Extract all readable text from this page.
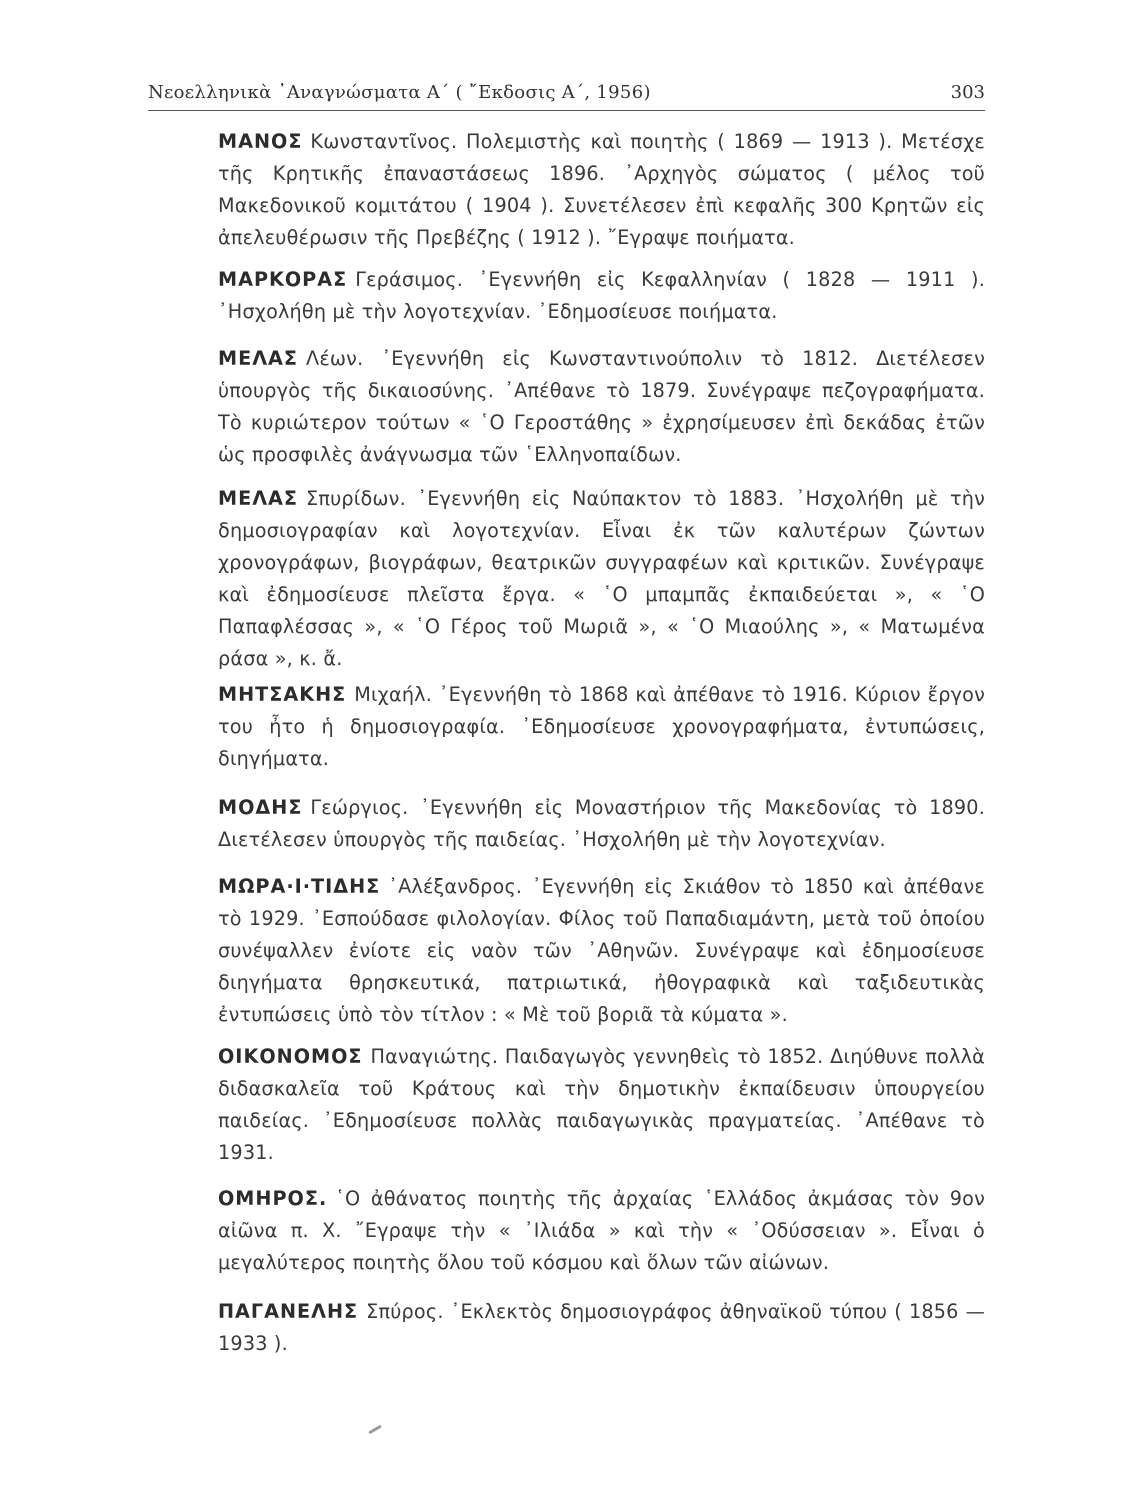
Νεοελληνικὰ ᾿Αναγνώσματα Α΄ ( ῎Εκδοσις Α΄, 1956)	303
ΜΑΝΟΣ Κωνσταντῖνος. Πολεμιστὴς καὶ ποιητὴς ( 1869 — 1913 ). Μετέσχε τῆς Κρητικῆς ἐπαναστάσεως 1896. ᾿Αρχηγὸς σώματος ( μέλος τοῦ Μακεδονικοῦ κομιτάτου ( 1904 ). Συνετέλεσεν ἐπὶ κεφαλῆς 300 Κρητῶν εἰς ἀπελευθέρωσιν τῆς Πρεβέζης ( 1912 ). ῎Εγραψε ποιήματα.
ΜΑΡΚΟΡΑΣ Γεράσιμος. ᾿Εγεννήθη εἰς Κεφαλληνίαν ( 1828 — 1911 ). ᾿Ησχολήθη μὲ τὴν λογοτεχνίαν. ᾿Εδημοσίευσε ποιήματα.
ΜΕΛΑΣ Λέων. ᾿Εγεννήθη εἰς Κωνσταντινούπολιν τὸ 1812. Διετέλεσεν ὑπουργὸς τῆς δικαιοσύνης. ᾿Απέθανε τὸ 1879. Συνέγραψε πεζογραφήματα. Τὸ κυριώτερον τούτων « ῾Ο Γεροστάθης » ἐχρησίμευσεν ἐπὶ δεκάδας ἐτῶν ὡς προσφιλὲς ἀνάγνωσμα τῶν ῾Ελληνοπαίδων.
ΜΕΛΑΣ Σπυρίδων. ᾿Εγεννήθη εἰς Ναύπακτον τὸ 1883. ᾿Ησχολήθη μὲ τὴν δημοσιογραφίαν καὶ λογοτεχνίαν. Εἶναι ἐκ τῶν καλυτέρων ζώντων χρονογράφων, βιογράφων, θεατρικῶν συγγραφέων καὶ κριτικῶν. Συνέγραψε καὶ ἐδημοσίευσε πλεῖστα ἔργα. « ῾Ο μπαμπᾶς ἐκπαιδεύεται », « ῾Ο Παπαφλέσσας », « ῾Ο Γέρος τοῦ Μωριᾶ », « ῾Ο Μιαούλης », « Ματωμένα ράσα », κ. ἄ.
ΜΗΤΣΑΚΗΣ Μιχαήλ. ᾿Εγεννήθη τὸ 1868 καὶ ἀπέθανε τὸ 1916. Κύριον ἔργον του ἦτο ἡ δημοσιογραφία. ᾿Εδημοσίευσε χρονογραφήματα, ἐντυπώσεις, διηγήματα.
ΜΟΔΗΣ Γεώργιος. ᾿Εγεννήθη εἰς Μοναστήριον τῆς Μακεδονίας τὸ 1890. Διετέλεσεν ὑπουργὸς τῆς παιδείας. ᾿Ησχολήθη μὲ τὴν λογοτεχνίαν.
ΜΩΡΑ·Ι·ΤΙΔΗΣ ᾿Αλέξανδρος. ᾿Εγεννήθη εἰς Σκιάθον τὸ 1850 καὶ ἀπέθανε τὸ 1929. ᾿Εσπούδασε φιλολογίαν. Φίλος τοῦ Παπαδιαμάντη, μετὰ τοῦ ὁποίου συνέψαλλεν ἐνίοτε εἰς ναὸν τῶν ᾿Αθηνῶν. Συνέγραψε καὶ ἐδημοσίευσε διηγήματα θρησκευτικά, πατριωτικά, ἠθογραφικὰ καὶ ταξιδευτικὰς ἐντυπώσεις ὑπὸ τὸν τίτλον : « Μὲ τοῦ βοριᾶ τὰ κύματα ».
ΟΙΚΟΝΟΜΟΣ Παναγιώτης. Παιδαγωγὸς γεννηθεὶς τὸ 1852. Διηύθυνε πολλὰ διδασκαλεῖα τοῦ Κράτους καὶ τὴν δημοτικὴν ἐκπαίδευσιν ὑπουργείου παιδείας. ᾿Εδημοσίευσε πολλὰς παιδαγωγικὰς πραγματείας. ᾿Απέθανε τὸ 1931.
ΟΜΗΡΟΣ. ῾Ο ἀθάνατος ποιητὴς τῆς ἀρχαίας ῾Ελλάδος ἀκμάσας τὸν 9ον αἰῶνα π. Χ. ῎Εγραψε τὴν « ᾿Ιλιάδα » καὶ τὴν « ᾿Οδύσσειαν ». Εἶναι ὁ μεγαλύτερος ποιητὴς ὅλου τοῦ κόσμου καὶ ὅλων τῶν αἰώνων.
ΠΑΓΑΝΕΛΗΣ Σπύρος. ᾿Εκλεκτὸς δημοσιογράφος ἀθηναϊκοῦ τύπου ( 1856 — 1933 ).
